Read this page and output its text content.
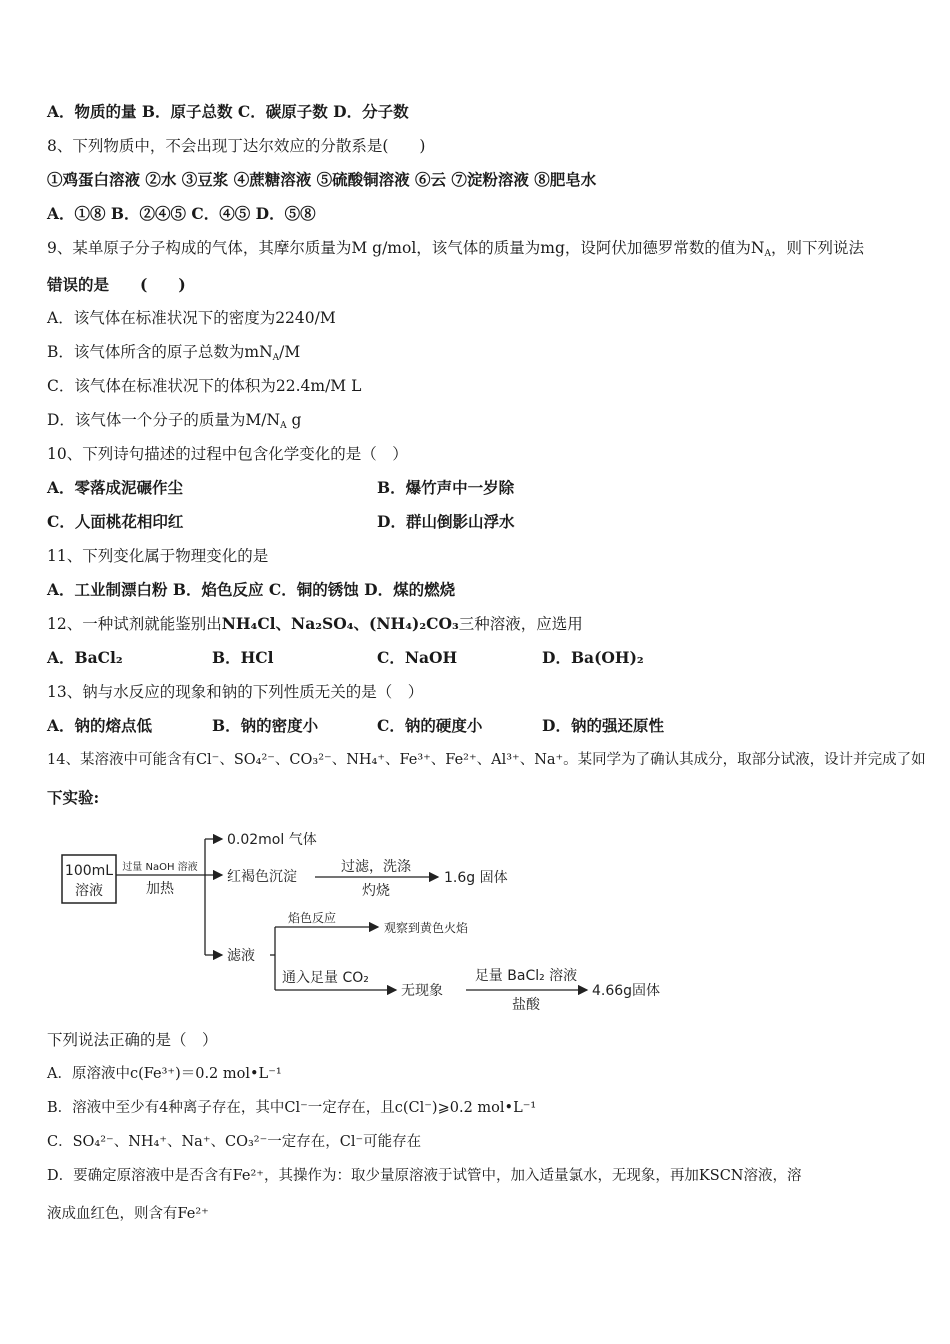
A．物质的量 B．原子总数 C．碳原子数 D．分子数
8、下列物质中，不会出现丁达尔效应的分散系是(　　)
①鸡蛋白溶液 ②水 ③豆浆 ④蔗糖溶液 ⑤硫酸铜溶液 ⑥云 ⑦淀粉溶液 ⑧肥皂水
A．①⑧ B．②④⑤ C．④⑤ D．⑤⑧
9、某单原子分子构成的气体，其摩尔质量为M g/mol，该气体的质量为mg，设阿伏加德罗常数的值为$N_A$，则下列说法
错误的是　　(　　)
A．该气体在标准状况下的密度为2240/M
B．该气体所含的原子总数为$mN_A/M$
C．该气体在标准状况下的体积为22.4m/M L
D．该气体一个分子的质量为$M/N_A$ g
10、下列诗句描述的过程中包含化学变化的是（　）
A．零落成泥碾作尘	B．爆竹声中一岁除
C．人面桃花相印红	D．群山倒影山浮水
11、下列变化属于物理变化的是
A．工业制漂白粉 B．焰色反应 C．铜的锈蚀 D．煤的燃烧
12、一种试剂就能鉴别出NH₄Cl、Na₂SO₄、(NH₄)₂CO₃三种溶液，应选用
A．BaCl₂	B．HCl	C．NaOH	D．Ba(OH)₂
13、钠与水反应的现象和钠的下列性质无关的是（　）
A．钠的熔点低	B．钠的密度小	C．钠的硬度小	D．钠的强还原性
14、某溶液中可能含有Cl⁻、SO₄²⁻、CO₃²⁻、NH₄⁺、Fe³⁺、Fe²⁺、Al³⁺、Na⁺。某同学为了确认其成分，取部分试液，设计并完成了如
下实验:
100mL
溶液
过量 NaOH 溶液
加热
0.02mol 气体
红褐色沉淀
过滤，洗涤
灼烧
1.6g 固体
滤液
焰色反应
观察到黄色火焰
通入足量 CO₂
无现象
足量 BaCl₂ 溶液
盐酸
4.66g固体
下列说法正确的是（　）
A．原溶液中c(Fe³⁺)＝0.2 mol•L⁻¹
B．溶液中至少有4种离子存在，其中Cl⁻一定存在，且c(Cl⁻)⩾0.2 mol•L⁻¹
C．SO₄²⁻、NH₄⁺、Na⁺、CO₃²⁻一定存在，Cl⁻可能存在
D．要确定原溶液中是否含有Fe²⁺，其操作为：取少量原溶液于试管中，加入适量氯水，无现象，再加KSCN溶液，溶
液成血红色，则含有Fe²⁺
